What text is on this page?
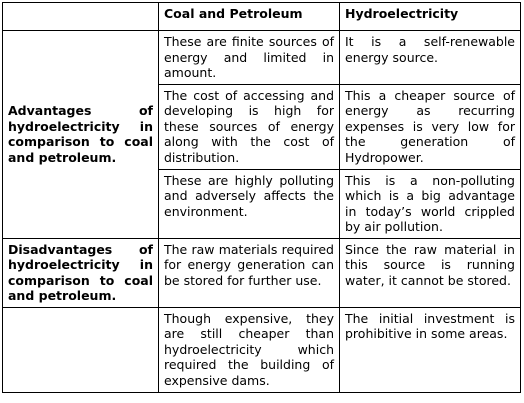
	Coal and Petroleum	Hydroelectricity
Advantages of hydroelectricity in comparison to coal and petroleum.	These are finite sources of energy and limited in amount.	It is a self-renewable energy source.
	The cost of accessing and developing is high for these sources of energy along with the cost of distribution.	This a cheaper source of energy as recurring expenses is very low for the generation of Hydropower.
	These are highly polluting and adversely affects the environment.	This is a non-polluting which is a big advantage in today’s world crippled by air pollution.
Disadvantages of hydroelectricity in comparison to coal and petroleum.	The raw materials required for energy generation can be stored for further use.	Since the raw material in this source is running water, it cannot be stored.
	Though expensive, they are still cheaper than hydroelectricity which required the building of expensive dams.	The initial investment is prohibitive in some areas.
